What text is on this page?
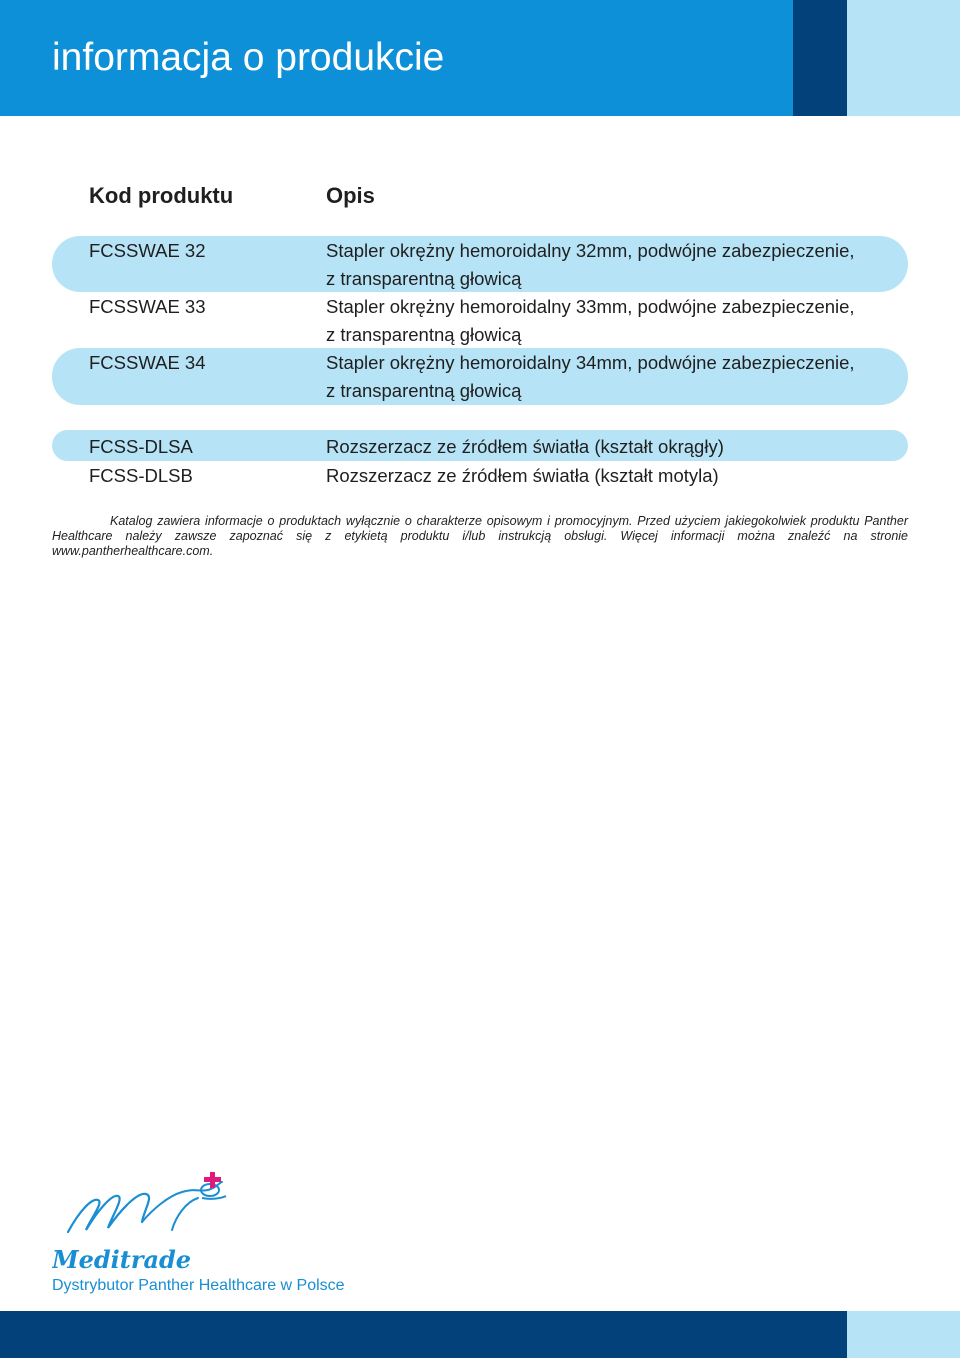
informacja o produkcie
Kod produktu	Opis

FCSSWAE 32	Stapler okrężny hemoroidalny 32mm, podwójne zabezpieczenie,

z transparentną głowicą

FCSSWAE 33	Stapler okrężny hemoroidalny 33mm, podwójne zabezpieczenie,

z transparentną głowicą

FCSSWAE 34	Stapler okrężny hemoroidalny 34mm, podwójne zabezpieczenie,

z transparentną głowicą

FCSS-DLSA	Rozszerzacz ze źródłem światła (kształt okrągły)

FCSS-DLSB	Rozszerzacz ze źródłem światła (kształt motyla)

Katalog zawiera informacje o produktach wyłącznie o charakterze opisowym i promocyjnym. Przed użyciem jakiegokolwiek produktu Panther Healthcare należy zawsze zapoznać się z etykietą produktu i/lub instrukcją obsługi. Więcej informacji można znaleźć na stronie www.pantherhealthcare.com.

Meditrade

Dystrybutor Panther Healthcare w Polsce
